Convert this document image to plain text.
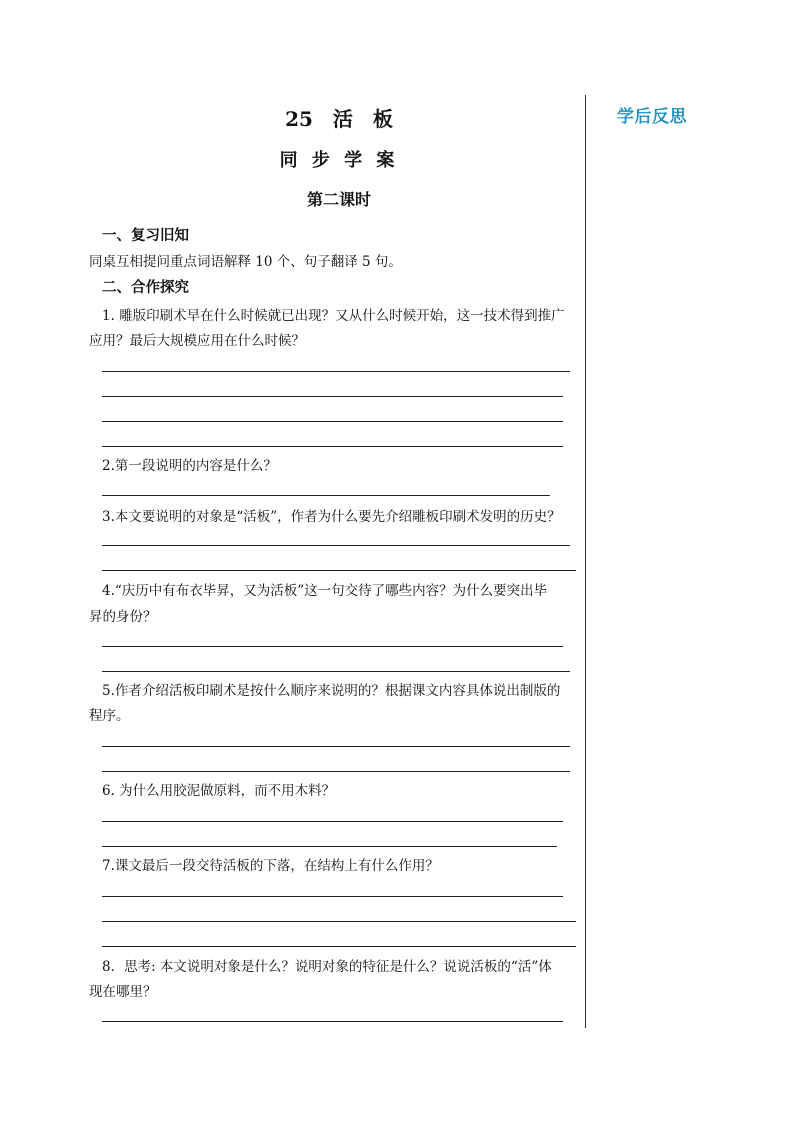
学后反思
25　活　板
同 步 学 案
第二课时
一、复习旧知
同桌互相提问重点词语解释 10 个、句子翻译 5 句。
二、合作探究
1. 雕版印刷术早在什么时候就已出现？又从什么时候开始，这一技术得到推广
应用？最后大规模应用在什么时候？
2.第一段说明的内容是什么？
3.本文要说明的对象是“活板”，作者为什么要先介绍雕板印刷术发明的历史？
4.“庆历中有布衣毕昇，又为活板”这一句交待了哪些内容？为什么要突出毕
昇的身份？
5.作者介绍活板印刷术是按什么顺序来说明的？根据课文内容具体说出制版的
程序。
6. 为什么用胶泥做原料，而不用木料？
7.课文最后一段交待活板的下落，在结构上有什么作用？
8．思考: 本文说明对象是什么？说明对象的特征是什么？说说活板的“活”体
现在哪里？
